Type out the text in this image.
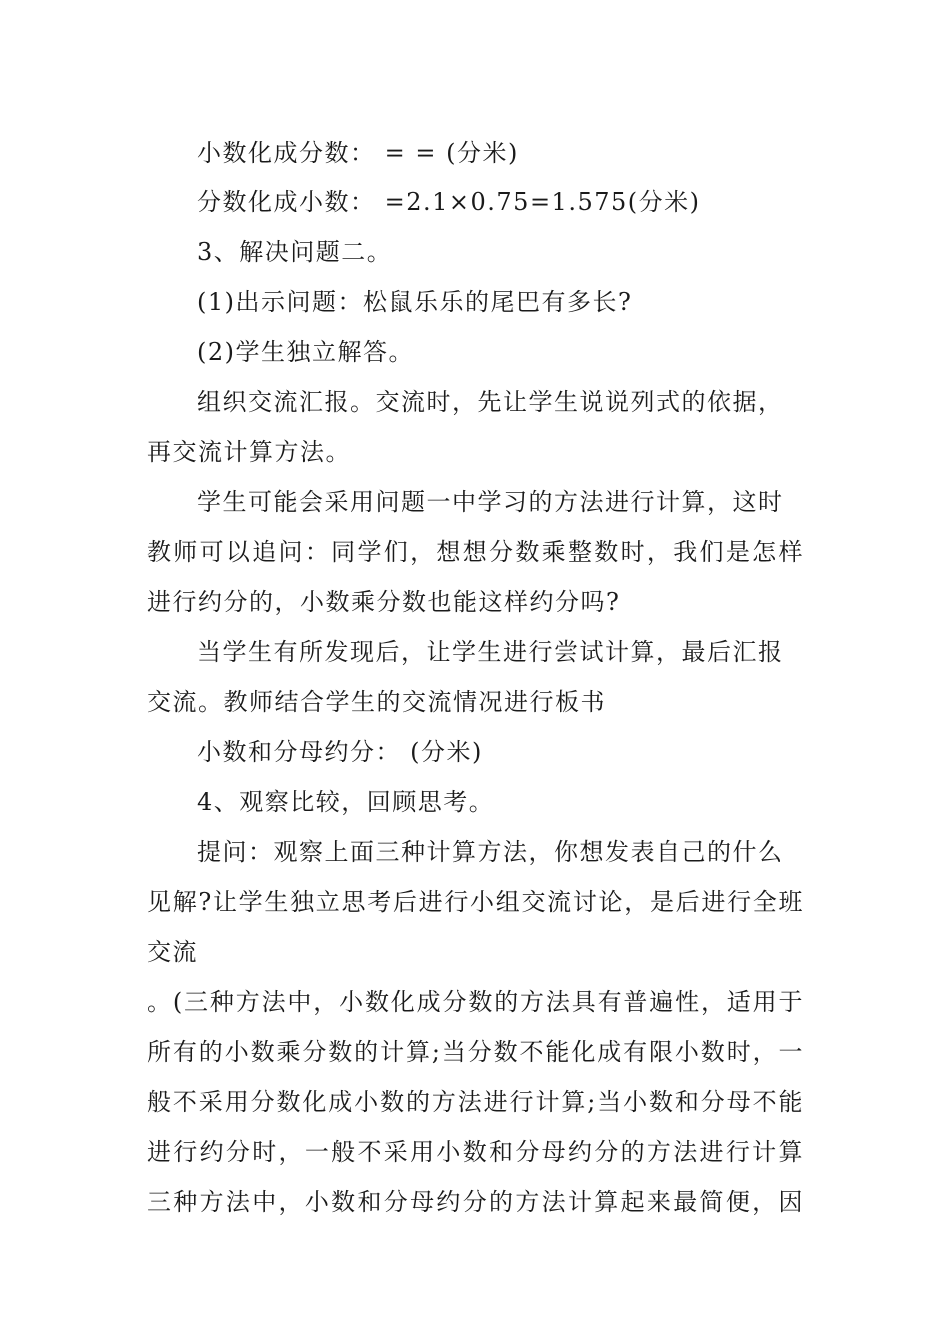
小数化成分数： = = (分米)
分数化成小数： =2.1×0.75=1.575(分米)
3、解决问题二。
(1)出示问题：松鼠乐乐的尾巴有多长?
(2)学生独立解答。
组织交流汇报。交流时，先让学生说说列式的依据，
再交流计算方法。
学生可能会采用问题一中学习的方法进行计算，这时
教师可以追问：同学们，想想分数乘整数时，我们是怎样
进行约分的，小数乘分数也能这样约分吗?
当学生有所发现后，让学生进行尝试计算，最后汇报
交流。教师结合学生的交流情况进行板书
小数和分母约分： (分米)
4、观察比较，回顾思考。
提问：观察上面三种计算方法，你想发表自己的什么
见解?让学生独立思考后进行小组交流讨论，是后进行全班
交流
。(三种方法中，小数化成分数的方法具有普遍性，适用于
所有的小数乘分数的计算;当分数不能化成有限小数时，一
般不采用分数化成小数的方法进行计算;当小数和分母不能
进行约分时，一般不采用小数和分母约分的方法进行计算
三种方法中，小数和分母约分的方法计算起来最简便，因
